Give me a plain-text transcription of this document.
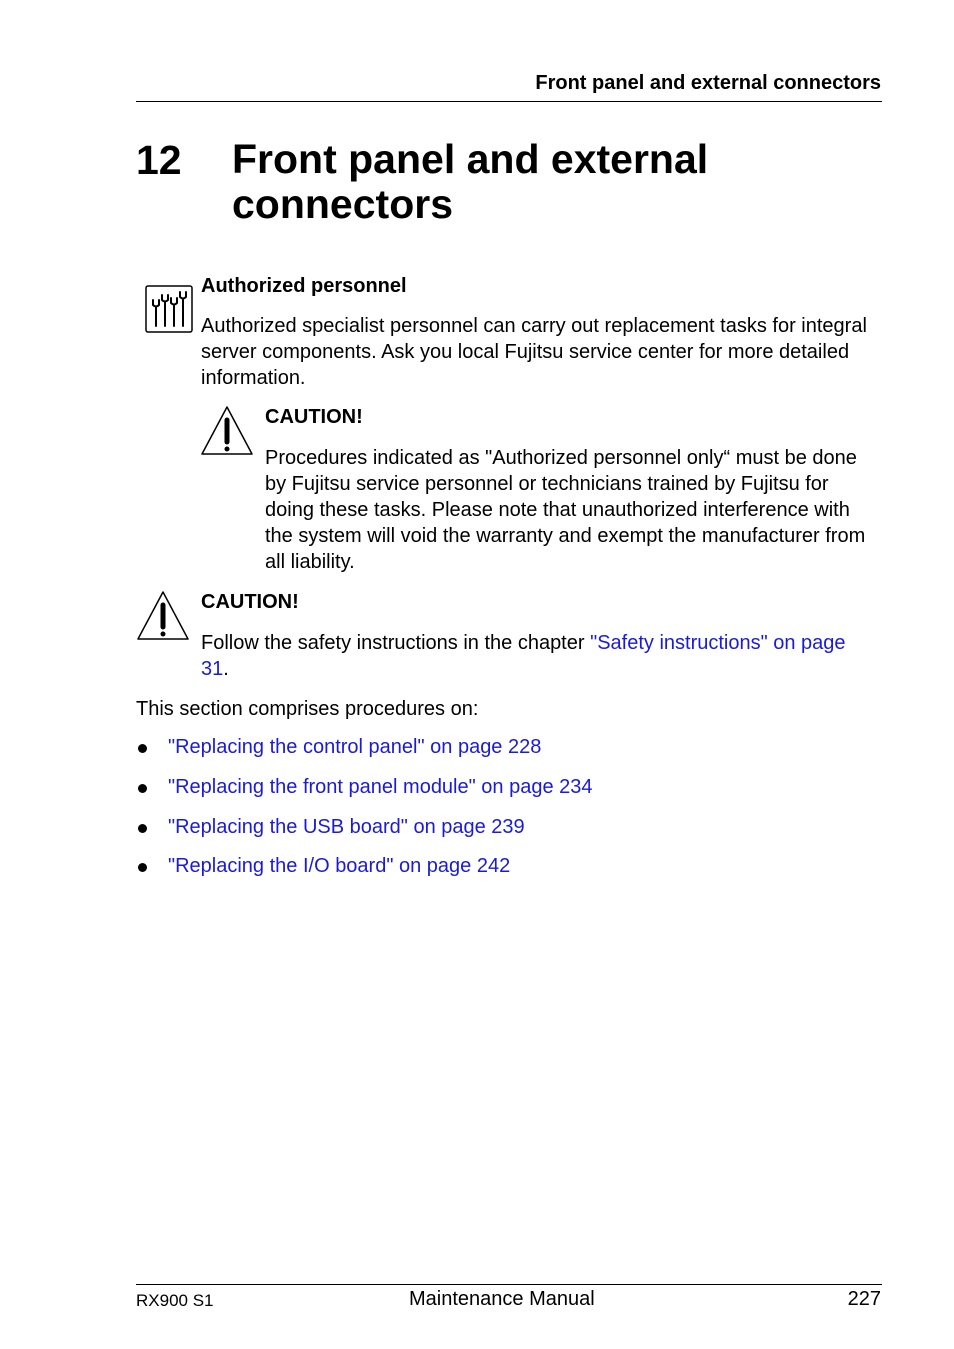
Front panel and external connectors
12 Front panel and external connectors
Authorized personnel
Authorized specialist personnel can carry out replacement tasks for integral server components. Ask you local Fujitsu service center for more detailed information.
CAUTION!
Procedures indicated as "Authorized personnel only“ must be done by Fujitsu service personnel or technicians trained by Fujitsu for doing these tasks. Please note that unauthorized interference with the system will void the warranty and exempt the manufacturer from all liability.
CAUTION!
Follow the safety instructions in the chapter "Safety instructions" on page 31.
This section comprises procedures on:
"Replacing the control panel" on page 228
"Replacing the front panel module" on page 234
"Replacing the USB board" on page 239
"Replacing the I/O board" on page 242
RX900 S1	Maintenance Manual	227
